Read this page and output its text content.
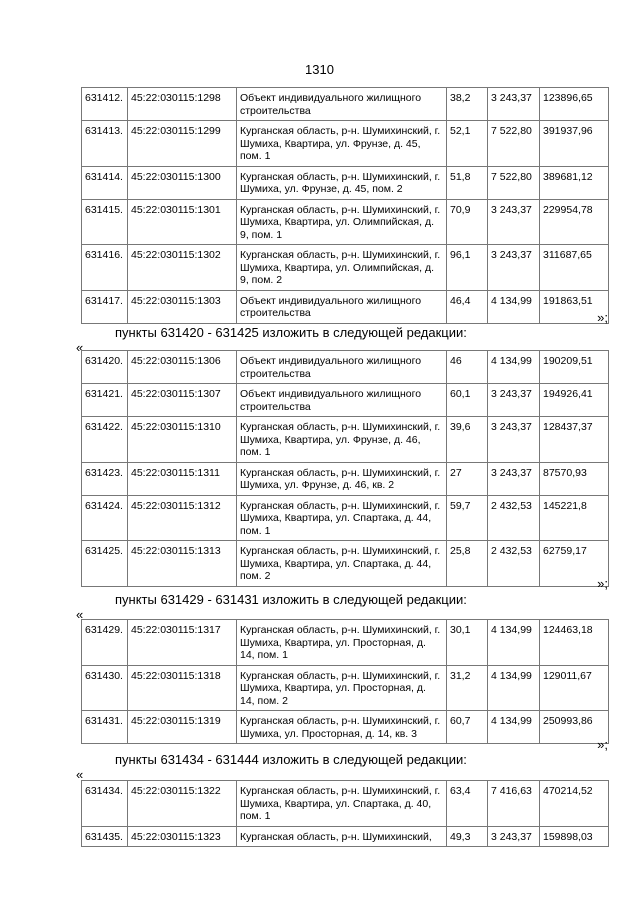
1310
631412.	45:22:030115:1298	Объект индивидуального жилищного строительства	38,2	3 243,37	123896,65
631413.	45:22:030115:1299	Курганская область, р-н. Шумихинский, г. Шумиха, Квартира, ул. Фрунзе, д. 45, пом. 1	52,1	7 522,80	391937,96
631414.	45:22:030115:1300	Курганская область, р-н. Шумихинский, г. Шумиха, ул. Фрунзе, д. 45, пом. 2	51,8	7 522,80	389681,12
631415.	45:22:030115:1301	Курганская область, р-н. Шумихинский, г. Шумиха, Квартира, ул. Олимпийская, д. 9, пом. 1	70,9	3 243,37	229954,78
631416.	45:22:030115:1302	Курганская область, р-н. Шумихинский, г. Шумиха, Квартира, ул. Олимпийская, д. 9, пом. 2	96,1	3 243,37	311687,65
631417.	45:22:030115:1303	Объект индивидуального жилищного строительства	46,4	4 134,99	191863,51
»;
пункты 631420 - 631425 изложить в следующей редакции:
«
631420.	45:22:030115:1306	Объект индивидуального жилищного строительства	46	4 134,99	190209,51
631421.	45:22:030115:1307	Объект индивидуального жилищного строительства	60,1	3 243,37	194926,41
631422.	45:22:030115:1310	Курганская область, р-н. Шумихинский, г. Шумиха, Квартира, ул. Фрунзе, д. 46, пом. 1	39,6	3 243,37	128437,37
631423.	45:22:030115:1311	Курганская область, р-н. Шумихинский, г. Шумиха, ул. Фрунзе, д. 46, кв. 2	27	3 243,37	87570,93
631424.	45:22:030115:1312	Курганская область, р-н. Шумихинский, г. Шумиха, Квартира, ул. Спартака, д. 44, пом. 1	59,7	2 432,53	145221,8
631425.	45:22:030115:1313	Курганская область, р-н. Шумихинский, г. Шумиха, Квартира, ул. Спартака, д. 44, пом. 2	25,8	2 432,53	62759,17
»;
пункты 631429 - 631431 изложить в следующей редакции:
«
631429.	45:22:030115:1317	Курганская область, р-н. Шумихинский, г. Шумиха, Квартира, ул. Просторная, д. 14, пом. 1	30,1	4 134,99	124463,18
631430.	45:22:030115:1318	Курганская область, р-н. Шумихинский, г. Шумиха, Квартира, ул. Просторная, д. 14, пом. 2	31,2	4 134,99	129011,67
631431.	45:22:030115:1319	Курганская область, р-н. Шумихинский, г. Шумиха, ул. Просторная, д. 14, кв. 3	60,7	4 134,99	250993,86
»;
пункты 631434 - 631444 изложить в следующей редакции:
«
631434.	45:22:030115:1322	Курганская область, р-н. Шумихинский, г. Шумиха, Квартира, ул. Спартака, д. 40, пом. 1	63,4	7 416,63	470214,52
631435.	45:22:030115:1323	Курганская область, р-н. Шумихинский,	49,3	3 243,37	159898,03
